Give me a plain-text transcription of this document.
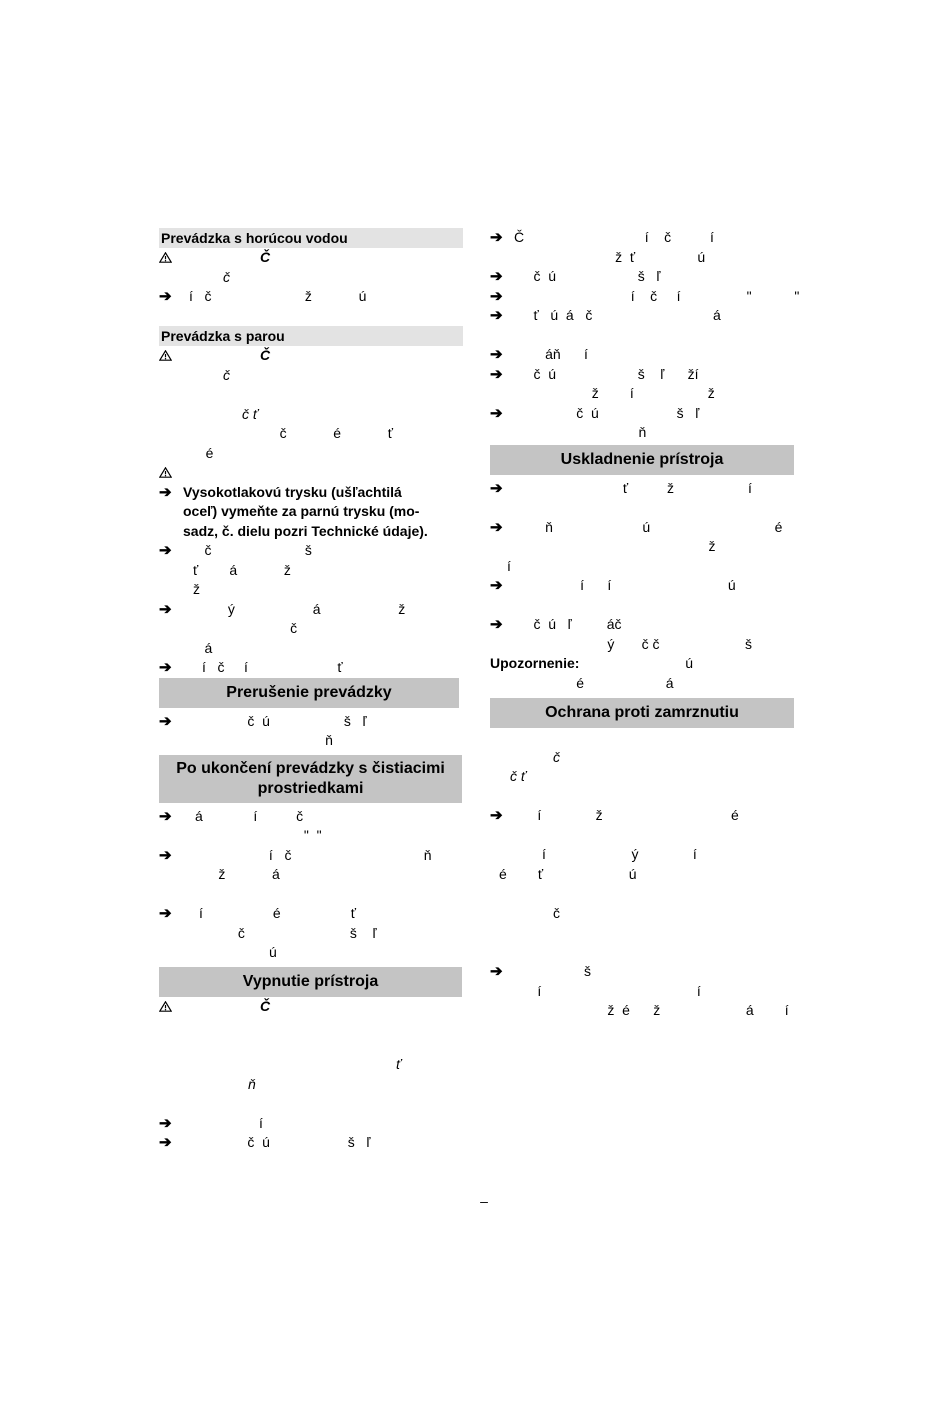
Prevádzka s horúcou vodou

Č

č

➔

	í   č                        ž            ú

Prevádzka s parou

Č

č
č ť
č            é            ť
é

➔

Vysokotlakovú trysku (ušľachtilá

oceľ) vymeňte za parnú trysku (mo-
sadz, č. dielu pozri Technické údaje).

➔

	č                        š

ť        á            ž
ž

➔

	ý                    á                    ž

č
á

➔

	í   č     í                       ť

Prerušenie prevádzky

➔

	č  ú                   š   ľ

ň
Po ukončení prevádzky s čistiacimi
prostriedkami

➔

	á             í          č

"  "

➔

	í   č                                  ň

ž            á

➔

	í                  é                  ť

č                           š    ľ
ú
Vypnutie prístroja

Č

ť
ň

➔

	í

➔

	č  ú                    š   ľ

➔

Č                               í    č          í

ž  ť                ú

➔

č  ú                     š   ľ

➔

í    č     í                 "           "

➔

ť   ú  á   č                               á

➔

áň      í

➔

č  ú                     š    ľ      ží

ž        í                   ž

➔

č  ú                    š   ľ

ň
Uskladnenie prístroja

➔

ť          ž                   í

➔

ň                       ú                                é

ž
í

➔

í      í                              ú

➔

č  ú   ľ         áč

ý       č č                      š

Upozornenie:

ú

é                     á
Ochrana proti zamrznutiu
č
č ť

➔

í              ž                                 é

í                      ý              í
é        ť                      ú
č

➔

š

í                                        í
ž  é      ž                      á        í
–
